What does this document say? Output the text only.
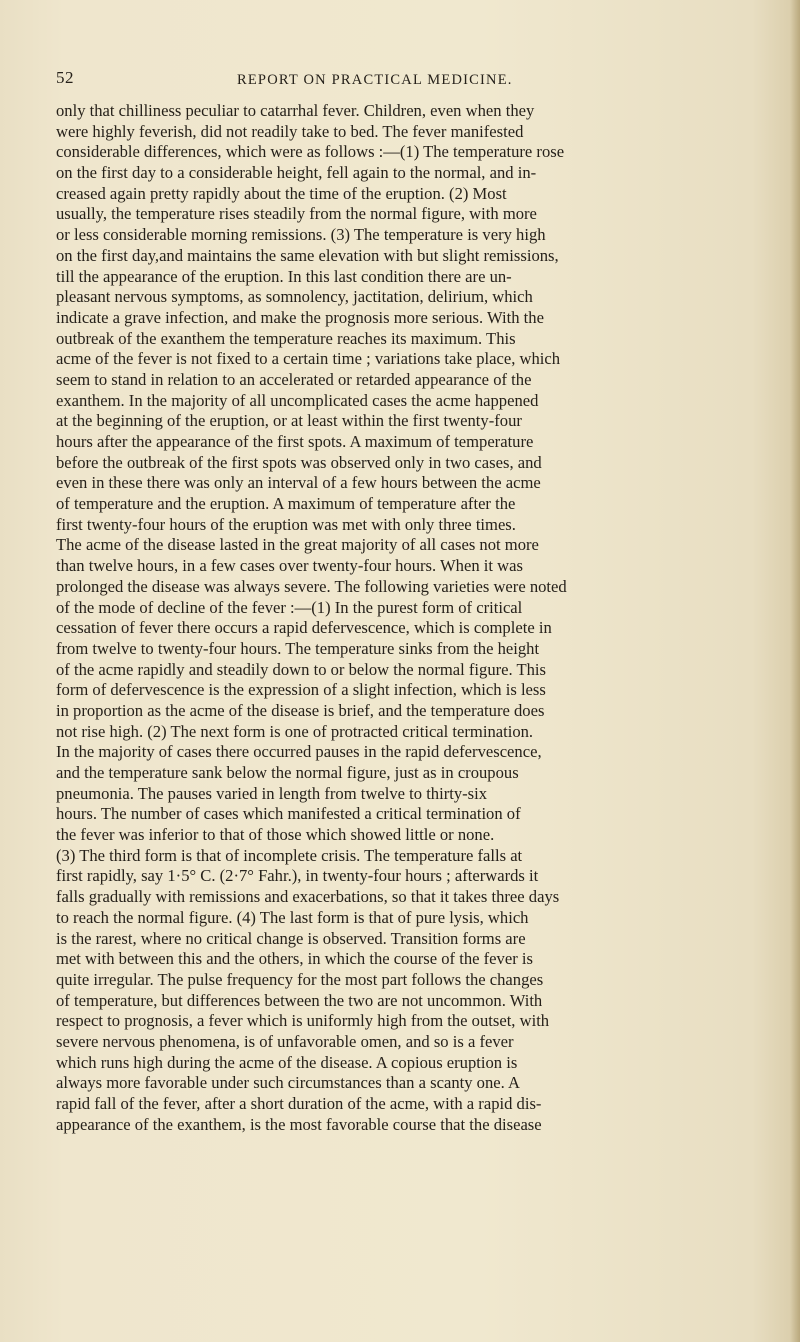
52	REPORT ON PRACTICAL MEDICINE.
only that chilliness peculiar to catarrhal fever. Children, even when they
were highly feverish, did not readily take to bed. The fever manifested
considerable differences, which were as follows :—(1) The temperature rose
on the first day to a considerable height, fell again to the normal, and in-
creased again pretty rapidly about the time of the eruption. (2) Most
usually, the temperature rises steadily from the normal figure, with more
or less considerable morning remissions. (3) The temperature is very high
on the first day,and maintains the same elevation with but slight remissions,
till the appearance of the eruption. In this last condition there are un-
pleasant nervous symptoms, as somnolency, jactitation, delirium, which
indicate a grave infection, and make the prognosis more serious. With the
outbreak of the exanthem the temperature reaches its maximum. This
acme of the fever is not fixed to a certain time ; variations take place, which
seem to stand in relation to an accelerated or retarded appearance of the
exanthem. In the majority of all uncomplicated cases the acme happened
at the beginning of the eruption, or at least within the first twenty-four
hours after the appearance of the first spots. A maximum of temperature
before the outbreak of the first spots was observed only in two cases, and
even in these there was only an interval of a few hours between the acme
of temperature and the eruption. A maximum of temperature after the
first twenty-four hours of the eruption was met with only three times.
The acme of the disease lasted in the great majority of all cases not more
than twelve hours, in a few cases over twenty-four hours. When it was
prolonged the disease was always severe. The following varieties were noted
of the mode of decline of the fever :—(1) In the purest form of critical
cessation of fever there occurs a rapid defervescence, which is complete in
from twelve to twenty-four hours. The temperature sinks from the height
of the acme rapidly and steadily down to or below the normal figure. This
form of defervescence is the expression of a slight infection, which is less
in proportion as the acme of the disease is brief, and the temperature does
not rise high. (2) The next form is one of protracted critical termination.
In the majority of cases there occurred pauses in the rapid defervescence,
and the temperature sank below the normal figure, just as in croupous
pneumonia. The pauses varied in length from twelve to thirty-six
hours. The number of cases which manifested a critical termination of
the fever was inferior to that of those which showed little or none.
(3) The third form is that of incomplete crisis. The temperature falls at
first rapidly, say 1·5° C. (2·7° Fahr.), in twenty-four hours ; afterwards it
falls gradually with remissions and exacerbations, so that it takes three days
to reach the normal figure. (4) The last form is that of pure lysis, which
is the rarest, where no critical change is observed. Transition forms are
met with between this and the others, in which the course of the fever is
quite irregular. The pulse frequency for the most part follows the changes
of temperature, but differences between the two are not uncommon. With
respect to prognosis, a fever which is uniformly high from the outset, with
severe nervous phenomena, is of unfavorable omen, and so is a fever
which runs high during the acme of the disease. A copious eruption is
always more favorable under such circumstances than a scanty one. A
rapid fall of the fever, after a short duration of the acme, with a rapid dis-
appearance of the exanthem, is the most favorable course that the disease
